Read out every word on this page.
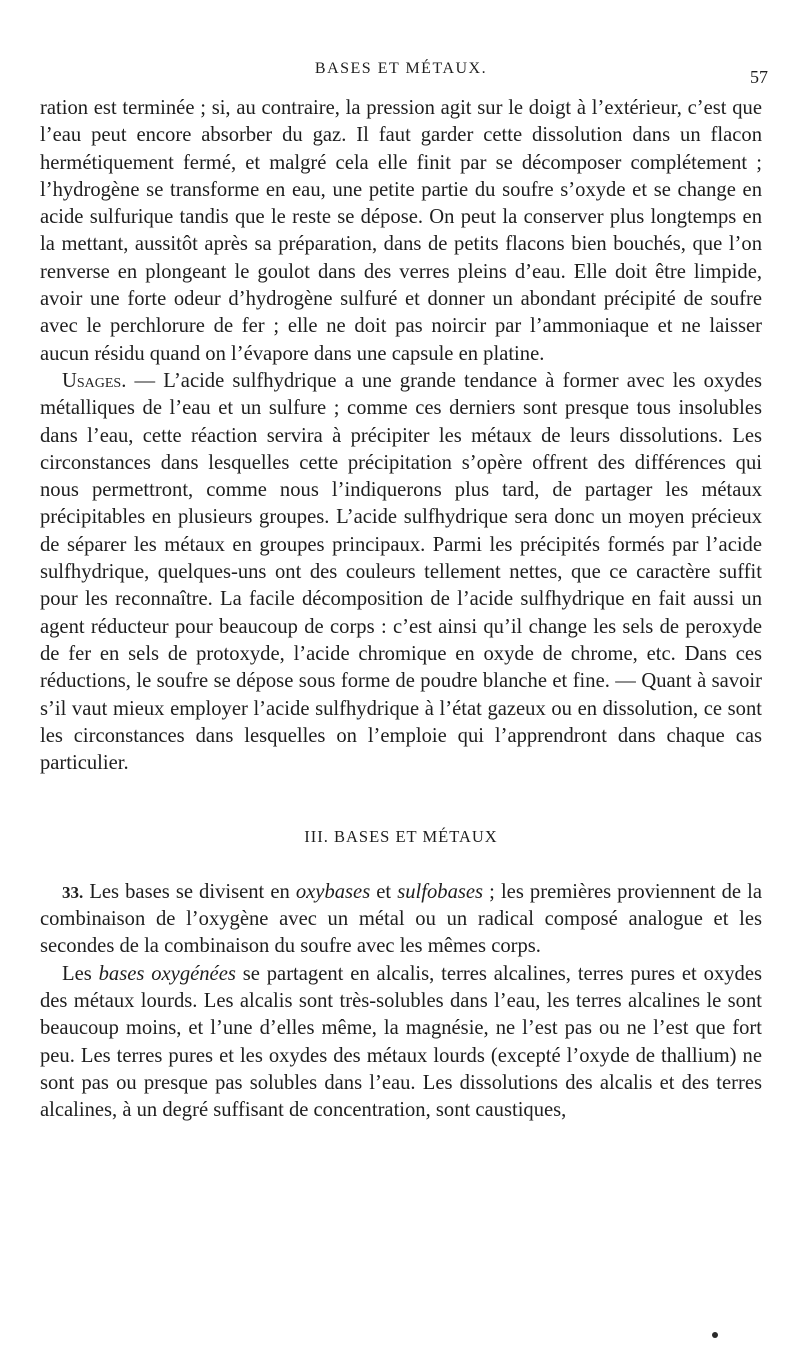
BASES ET MÉTAUX.	57

ration est terminée ; si, au contraire, la pression agit sur le doigt à l’extérieur, c’est que l’eau peut encore absorber du gaz. Il faut garder cette dissolution dans un flacon hermétiquement fermé, et malgré cela elle finit par se décomposer complétement ; l’hydrogène se transforme en eau, une petite partie du soufre s’oxyde et se change en acide sulfurique tandis que le reste se dépose. On peut la conserver plus longtemps en la mettant, aussitôt après sa préparation, dans de petits flacons bien bouchés, que l’on renverse en plongeant le goulot dans des verres pleins d’eau. Elle doit être limpide, avoir une forte odeur d’hydrogène sulfuré et donner un abondant précipité de soufre avec le perchlorure de fer ; elle ne doit pas noircir par l’ammoniaque et ne laisser aucun résidu quand on l’évapore dans une capsule en platine.

Usages. — L’acide sulfhydrique a une grande tendance à former avec les oxydes métalliques de l’eau et un sulfure ; comme ces derniers sont presque tous insolubles dans l’eau, cette réaction servira à précipiter les métaux de leurs dissolutions. Les circonstances dans lesquelles cette précipitation s’opère offrent des différences qui nous permettront, comme nous l’indiquerons plus tard, de partager les métaux précipitables en plusieurs groupes. L’acide sulfhydrique sera donc un moyen précieux de séparer les métaux en groupes principaux. Parmi les précipités formés par l’acide sulfhydrique, quelques-uns ont des couleurs tellement nettes, que ce caractère suffit pour les reconnaître. La facile décomposition de l’acide sulfhydrique en fait aussi un agent réducteur pour beaucoup de corps : c’est ainsi qu’il change les sels de peroxyde de fer en sels de protoxyde, l’acide chromique en oxyde de chrome, etc. Dans ces réductions, le soufre se dépose sous forme de poudre blanche et fine. — Quant à savoir s’il vaut mieux employer l’acide sulfhydrique à l’état gazeux ou en dissolution, ce sont les circonstances dans lesquelles on l’emploie qui l’apprendront dans chaque cas particulier.

III. BASES ET MÉTAUX

33. Les bases se divisent en oxybases et sulfobases ; les premières proviennent de la combinaison de l’oxygène avec un métal ou un radical composé analogue et les secondes de la combinaison du soufre avec les mêmes corps.

Les bases oxygénées se partagent en alcalis, terres alcalines, terres pures et oxydes des métaux lourds. Les alcalis sont très-solubles dans l’eau, les terres alcalines le sont beaucoup moins, et l’une d’elles même, la magnésie, ne l’est pas ou ne l’est que fort peu. Les terres pures et les oxydes des métaux lourds (excepté l’oxyde de thallium) ne sont pas ou presque pas solubles dans l’eau. Les dissolutions des alcalis et des terres alcalines, à un degré suffisant de concentration, sont caustiques,
